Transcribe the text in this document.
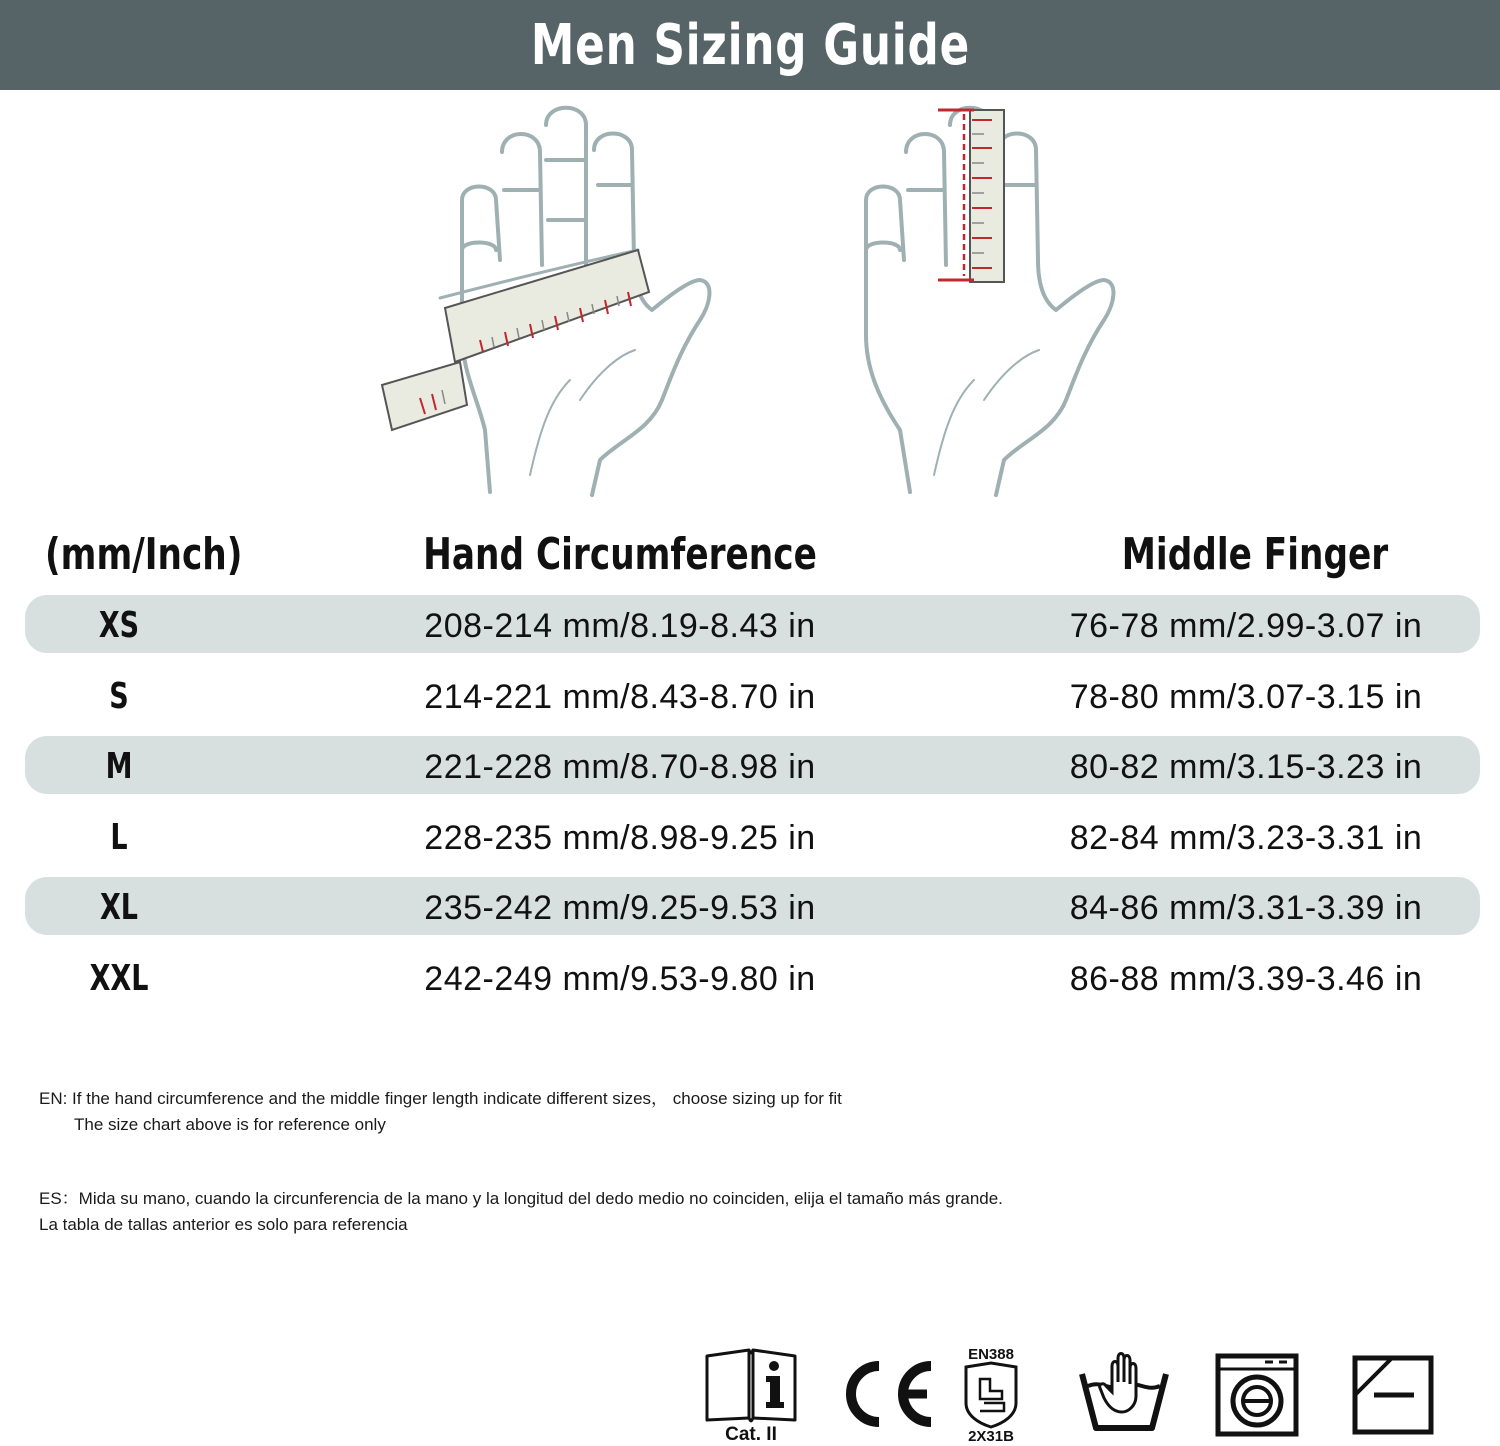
Men Sizing Guide
(mm/Inch)	Hand Circumference	Middle Finger
XS	208-214 mm/8.19-8.43 in	76-78 mm/2.99-3.07 in
S	214-221 mm/8.43-8.70 in	78-80 mm/3.07-3.15 in
M	221-228 mm/8.70-8.98 in	80-82 mm/3.15-3.23 in
L	228-235 mm/8.98-9.25 in	82-84 mm/3.23-3.31 in
XL	235-242 mm/9.25-9.53 in	84-86 mm/3.31-3.39 in
XXL	242-249 mm/9.53-9.80 in	86-88 mm/3.39-3.46 in
EN: If the hand circumference and the middle finger length indicate different sizes， choose sizing up for fit
The size chart above is for reference only
ES：Mida su mano, cuando la circunferencia de la mano y la longitud del dedo medio no coinciden, elija el tamaño más grande.
La tabla de tallas anterior es solo para referencia
Cat. II
EN388
2X31B
